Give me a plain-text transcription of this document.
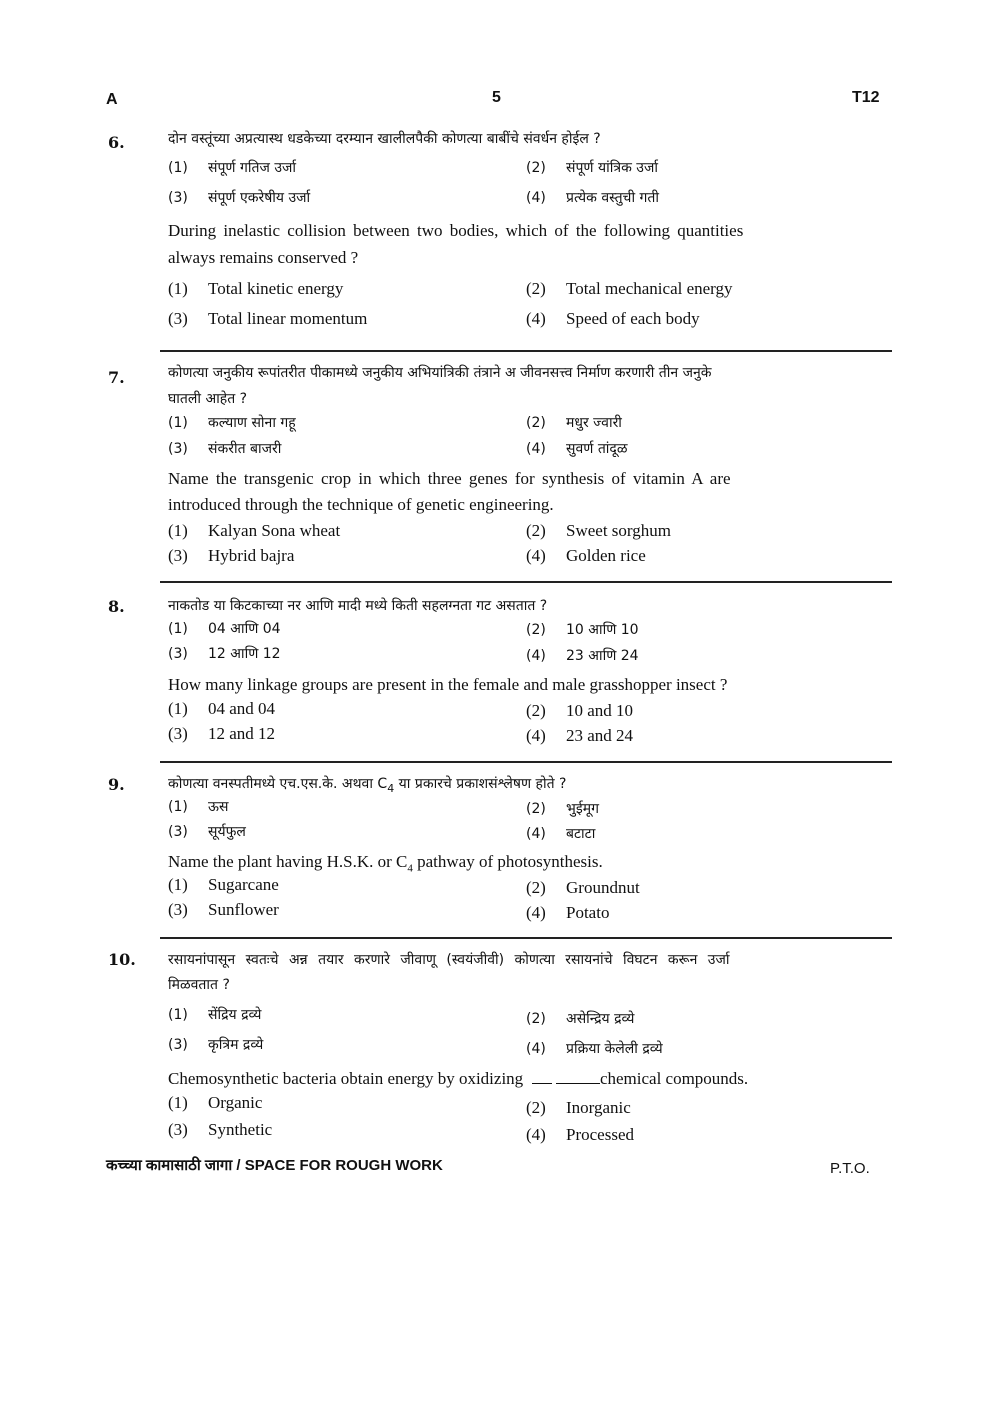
A	5	T12
6.	दोन वस्तूंच्या अप्रत्यास्थ धडकेच्या दरम्यान खालीलपैकी कोणत्या बाबींचे संवर्धन होईल ?
(1) संपूर्ण गतिज उर्जा	(2) संपूर्ण यांत्रिक उर्जा
(3) संपूर्ण एकरेषीय उर्जा	(4) प्रत्येक वस्तुची गती
During inelastic collision between two bodies, which of the following quantities
always remains conserved ?
(1) Total kinetic energy	(2) Total mechanical energy
(3) Total linear momentum	(4) Speed of each body
7.	कोणत्या जनुकीय रूपांतरीत पीकामध्ये जनुकीय अभियांत्रिकी तंत्राने अ जीवनसत्त्व निर्माण करणारी तीन जनुके
घातली आहेत ?
(1) कल्याण सोना गहू	(2) मधुर ज्वारी
(3) संकरीत बाजरी	(4) सुवर्ण तांदूळ
Name the transgenic crop in which three genes for synthesis of vitamin A are
introduced through the technique of genetic engineering.
(1) Kalyan Sona wheat	(2) Sweet sorghum
(3) Hybrid bajra	(4) Golden rice
8.	नाकतोड या किटकाच्या नर आणि मादी मध्ये किती सहलग्नता गट असतात ?
(1) 04 आणि 04	(2) 10 आणि 10
(3) 12 आणि 12	(4) 23 आणि 24
How many linkage groups are present in the female and male grasshopper insect ?
(1) 04 and 04	(2) 10 and 10
(3) 12 and 12	(4) 23 and 24
9.	कोणत्या वनस्पतीमध्ये एच.एस.के. अथवा $C_4$ या प्रकारचे प्रकाशसंश्लेषण होते ?
(1) ऊस	(2) भुईमूग
(3) सूर्यफुल	(4) बटाटा
Name the plant having H.S.K. or $C_4$ pathway of photosynthesis.
(1) Sugarcane	(2) Groundnut
(3) Sunflower	(4) Potato
10. रसायनांपासून स्वतःचे अन्न तयार करणारे जीवाणू (स्वयंजीवी) कोणत्या रसायनांचे विघटन करून उर्जा
मिळवतात ?
(1) सेंद्रिय द्रव्ये	(2) असेन्द्रिय द्रव्ये
(3) कृत्रिम द्रव्ये	(4) प्रक्रिया केलेली द्रव्ये
Chemosynthetic bacteria obtain energy by oxidizing	chemical compounds.
(1) Organic	(2) Inorganic
(3) Synthetic	(4) Processed
कच्च्या कामासाठी जागा / SPACE FOR ROUGH WORK	P.T.O.
